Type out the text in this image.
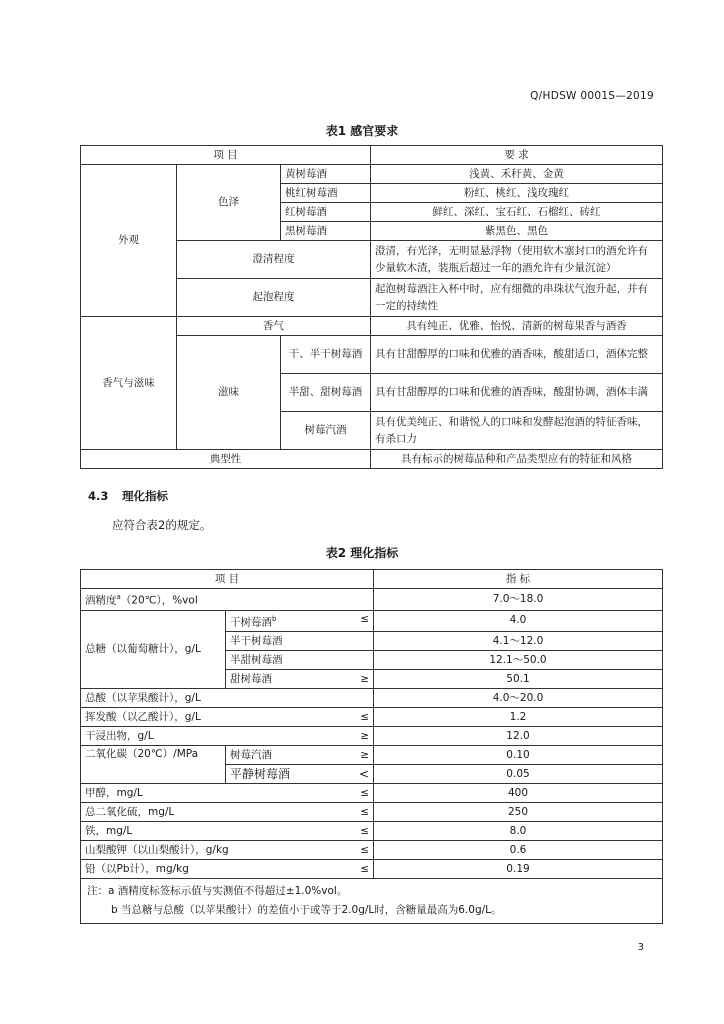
Q/HDSW 0001S—2019
表1 感官要求
项 目			要 求
外观	色泽	黄树莓酒	浅黄、禾秆黄、金黄
		桃红树莓酒	粉红、桃红、浅玫瑰红
		红树莓酒	鲜红、深红、宝石红、石榴红、砖红
		黑树莓酒	紫黑色、黑色
	澄清程度		澄清，有光泽，无明显悬浮物（使用软木塞封口的酒允许有少量软木渣，装瓶后超过一年的酒允许有少量沉淀）
	起泡程度		起泡树莓酒注入杯中时，应有细微的串珠状气泡升起，并有一定的持续性
香气与滋味	香气		具有纯正、优雅、怡悦、清新的树莓果香与酒香
	滋味	干、半干树莓酒	具有甘甜醇厚的口味和优雅的酒香味，酸甜适口，酒体完整
		半甜、甜树莓酒	具有甘甜醇厚的口味和优雅的酒香味，酸甜协调，酒体丰满
		树莓汽酒	具有优美纯正、和谐悦人的口味和发酵起泡酒的特征香味，有杀口力
典型性			具有标示的树莓品种和产品类型应有的特征和风格
4.3 理化指标
应符合表2的规定。
表2 理化指标
项 目		指 标
酒精度$^a$（20℃），%vol		7.0～18.0
总糖（以葡萄糖计），g/L	干树莓酒$^b$ ≤	4.0
	半干树莓酒	4.1～12.0
	半甜树莓酒	12.1～50.0
	甜树莓酒 ≥	50.1
总酸（以苹果酸计），g/L		4.0～20.0
挥发酸（以乙酸计），g/L ≤		1.2
干浸出物，g/L ≥		12.0
二氧化碳（20℃）/MPa	树莓汽酒 ≥	0.10
	平静树莓酒 <	0.05
甲醇，mg/L ≤		400
总二氧化硫，mg/L ≤		250
铁，mg/L ≤		8.0
山梨酸钾（以山梨酸计），g/kg ≤		0.6
铅（以Pb计），mg/kg ≤		0.19

注：a 酒精度标签标示值与实测值不得超过±1.0%vol。
b 当总糖与总酸（以苹果酸计）的差值小于或等于2.0g/L时，含糖量最高为6.0g/L。		
3
